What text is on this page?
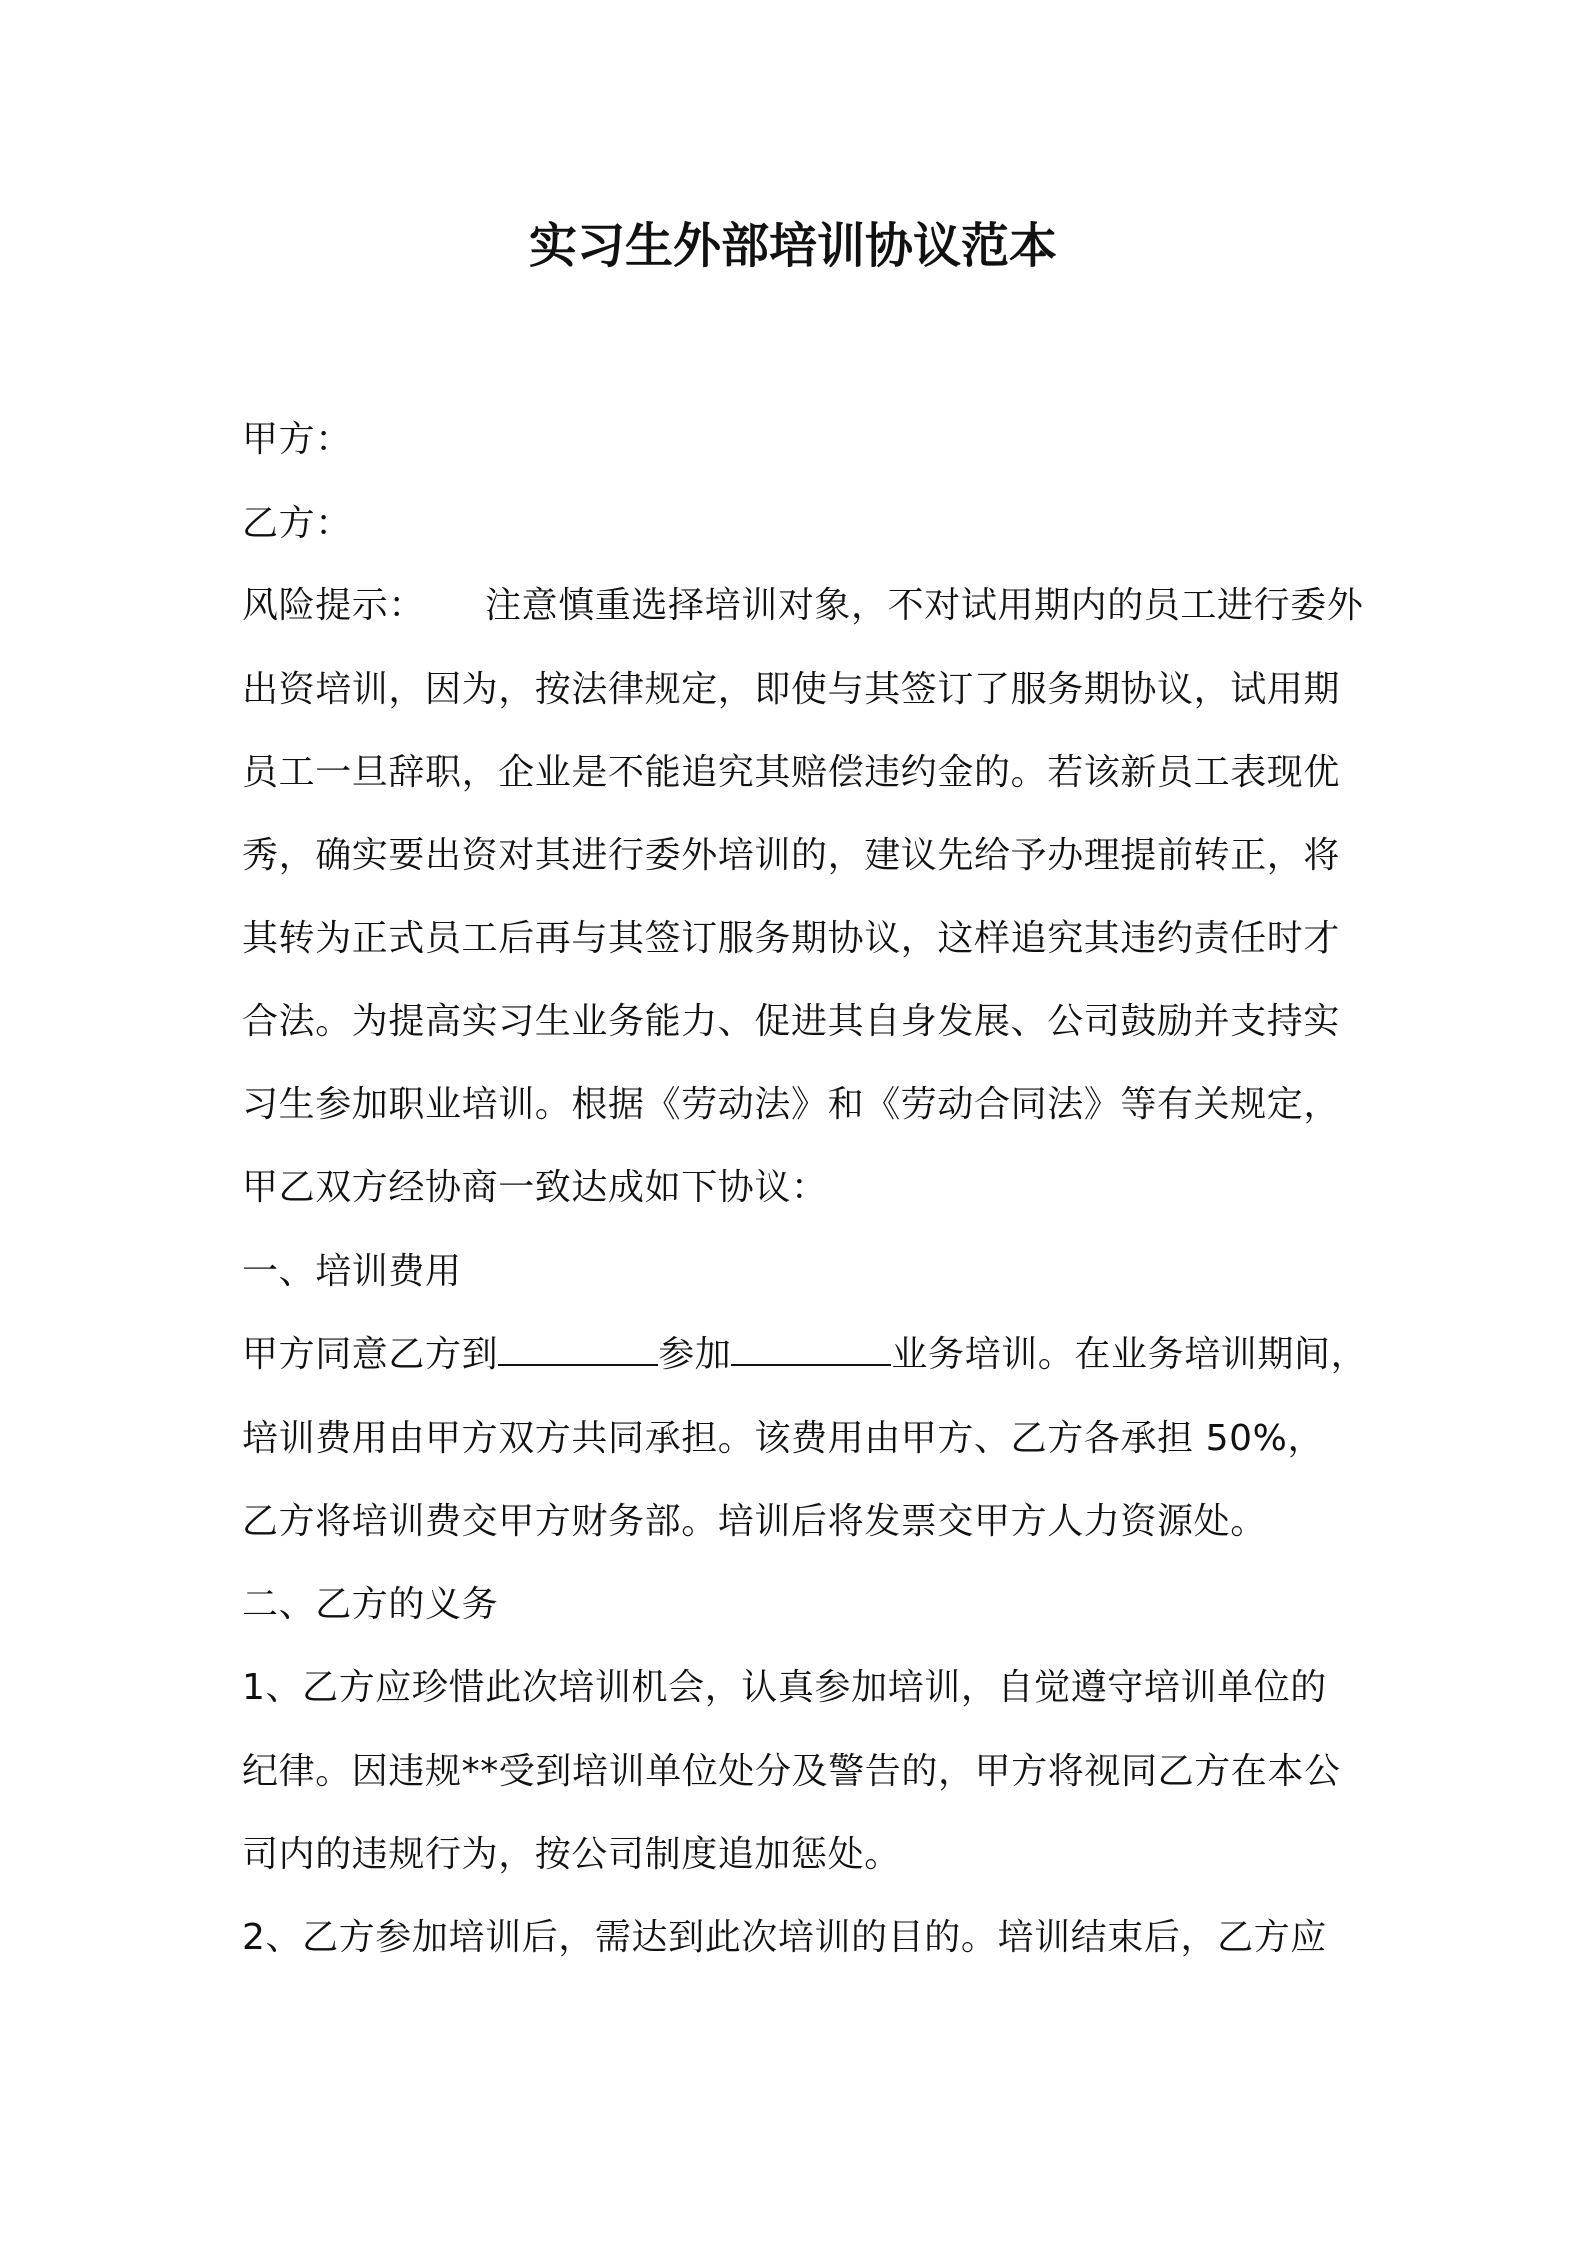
实习生外部培训协议范本
甲方：
乙方：
风险提示： 注意慎重选择培训对象，不对试用期内的员工进行委外
出资培训，因为，按法律规定，即使与其签订了服务期协议，试用期
员工一旦辞职，企业是不能追究其赔偿违约金的。若该新员工表现优
秀，确实要出资对其进行委外培训的，建议先给予办理提前转正，将
其转为正式员工后再与其签订服务期协议，这样追究其违约责任时才
合法。为提高实习生业务能力、促进其自身发展、公司鼓励并支持实
习生参加职业培训。根据《劳动法》和《劳动合同法》等有关规定，
甲乙双方经协商一致达成如下协议：
一、培训费用
甲方同意乙方到	参加	业务培训。在业务培训期间，
培训费用由甲方双方共同承担。该费用由甲方、乙方各承担 50%，
乙方将培训费交甲方财务部。培训后将发票交甲方人力资源处。
二、乙方的义务
1、乙方应珍惜此次培训机会，认真参加培训，自觉遵守培训单位的
纪律。因违规**受到培训单位处分及警告的，甲方将视同乙方在本公
司内的违规行为，按公司制度追加惩处。
2、乙方参加培训后，需达到此次培训的目的。培训结束后，乙方应
